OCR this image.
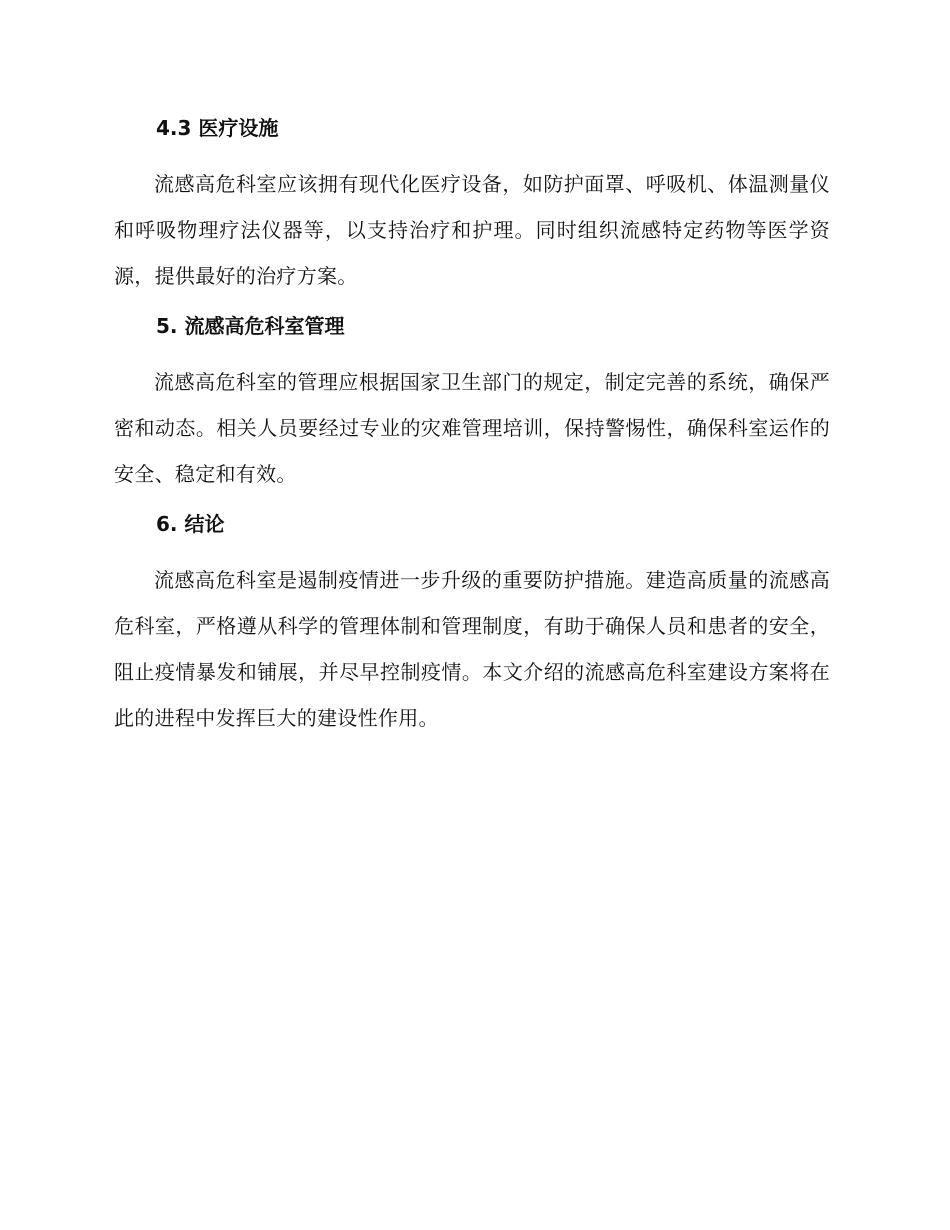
4.3 医疗设施

流感高危科室应该拥有现代化医疗设备，如防护面罩、呼吸机、体温测量仪和呼吸物理疗法仪器等，以支持治疗和护理。同时组织流感特定药物等医学资源，提供最好的治疗方案。

5. 流感高危科室管理

流感高危科室的管理应根据国家卫生部门的规定，制定完善的系统，确保严密和动态。相关人员要经过专业的灾难管理培训，保持警惕性，确保科室运作的安全、稳定和有效。

6. 结论

流感高危科室是遏制疫情进一步升级的重要防护措施。建造高质量的流感高危科室，严格遵从科学的管理体制和管理制度，有助于确保人员和患者的安全，阻止疫情暴发和铺展，并尽早控制疫情。本文介绍的流感高危科室建设方案将在此的进程中发挥巨大的建设性作用。
